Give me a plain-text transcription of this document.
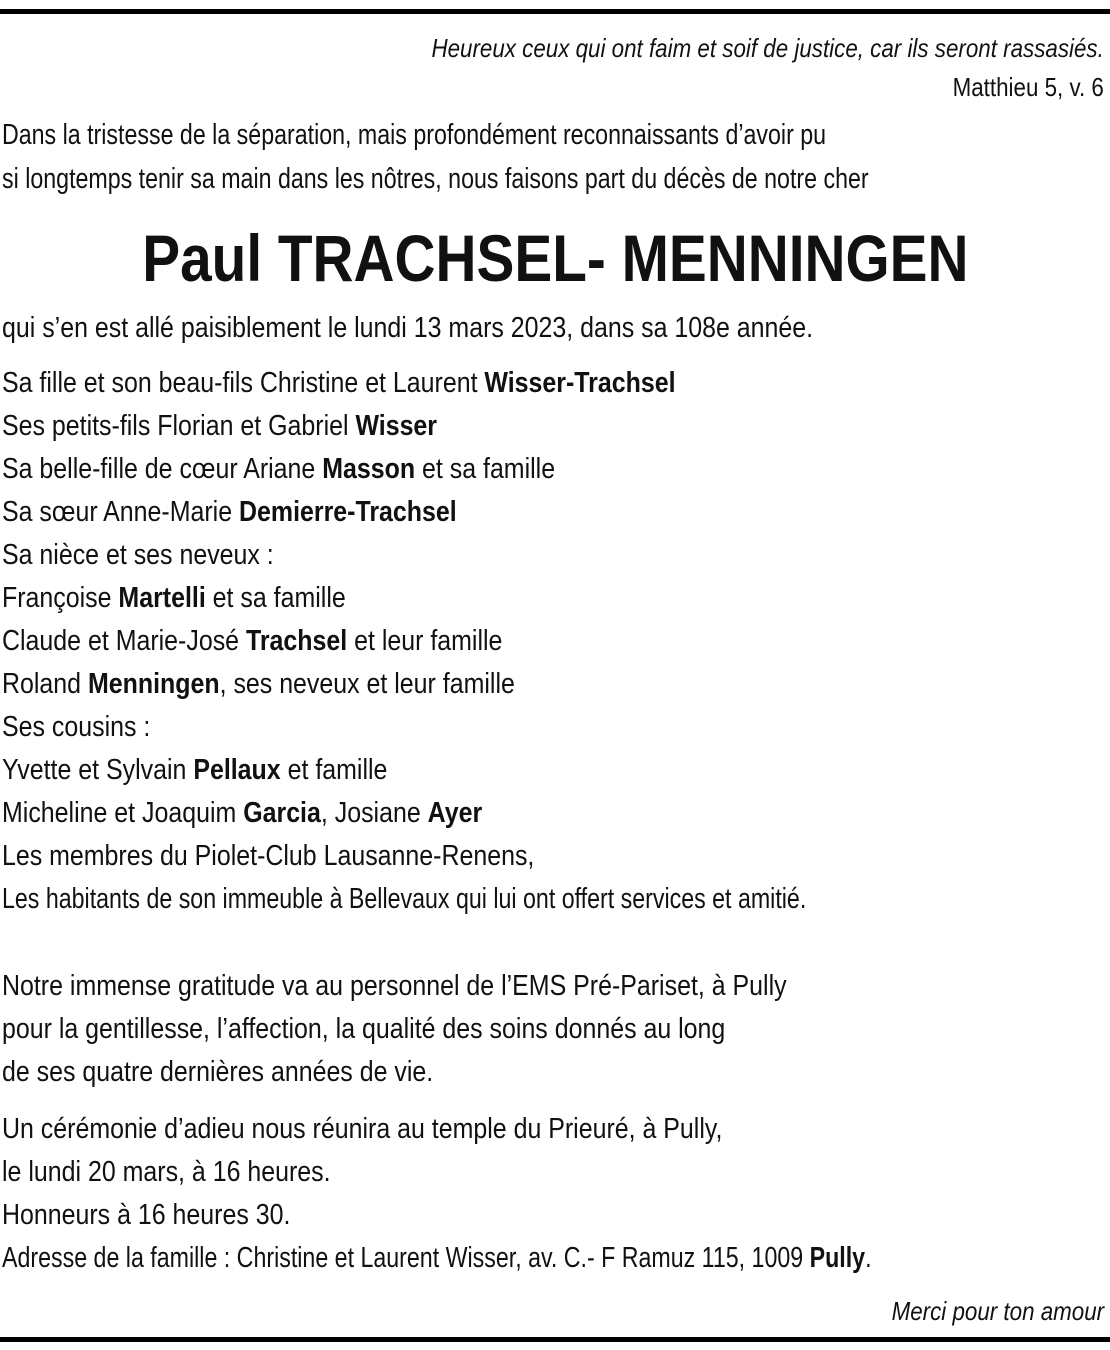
Heureux ceux qui ont faim et soif de justice, car ils seront rassasiés.
Matthieu 5, v. 6
Dans la tristesse de la séparation, mais profondément reconnaissants d’avoir pu
si longtemps tenir sa main dans les nôtres, nous faisons part du décès de notre cher
Paul TRACHSEL- MENNINGEN
qui s’en est allé paisiblement le lundi 13 mars 2023, dans sa 108e année.
Sa fille et son beau-fils Christine et Laurent Wisser-Trachsel
Ses petits-fils Florian et Gabriel Wisser
Sa belle-fille de cœur Ariane Masson et sa famille
Sa sœur Anne-Marie Demierre-Trachsel
Sa nièce et ses neveux :
Françoise Martelli et sa famille
Claude et Marie-José Trachsel et leur famille
Roland Menningen, ses neveux et leur famille
Ses cousins :
Yvette et Sylvain Pellaux et famille
Micheline et Joaquim Garcia, Josiane Ayer
Les membres du Piolet-Club Lausanne-Renens,
Les habitants de son immeuble à Bellevaux qui lui ont offert services et amitié.
Notre immense gratitude va au personnel de l’EMS Pré-Pariset, à Pully
pour la gentillesse, l’affection, la qualité des soins donnés au long
de ses quatre dernières années de vie.
Un cérémonie d’adieu nous réunira au temple du Prieuré, à Pully,
le lundi 20 mars, à 16 heures.
Honneurs à 16 heures 30.
Adresse de la famille : Christine et Laurent Wisser, av. C.- F Ramuz 115, 1009 Pully.
Merci pour ton amour
